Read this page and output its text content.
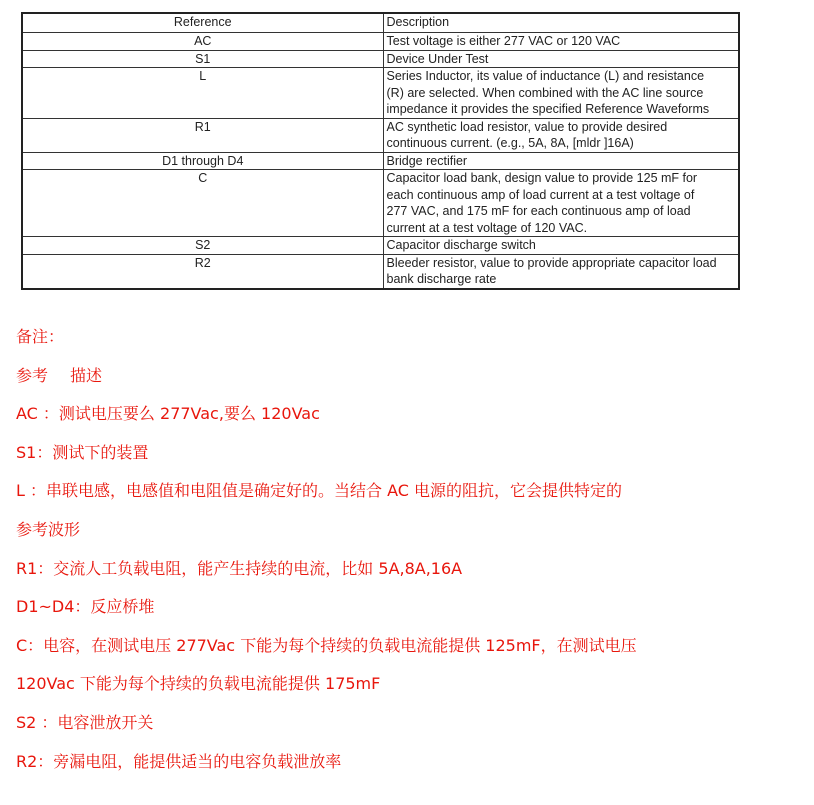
Reference	Description
AC	Test voltage is either 277 VAC or 120 VAC

S1	Device Under Test

L	Series Inductor, its value of inductance (L) and resistance
(R) are selected. When combined with the AC line source
impedance it provides the specified Reference Waveforms

R1	AC synthetic load resistor, value to provide desired
continuous current. (e.g., 5A, 8A, [mldr ]16A)

D1 through D4	Bridge rectifier

C	Capacitor load bank, design value to provide 125 mF for
each continuous amp of load current at a test voltage of
277 VAC, and 175 mF for each continuous amp of load
current at a test voltage of 120 VAC.

S2	Capacitor discharge switch

R2	Bleeder resistor, value to provide appropriate capacitor load
bank discharge rate
备注：
参考 描述
AC ：测试电压要么 277Vac,要么 120Vac
S1：测试下的装置
L ：串联电感，电感值和电阻值是确定好的。当结合 AC 电源的阻抗，它会提供特定的
参考波形
R1：交流人工负载电阻，能产生持续的电流，比如 5A,8A,16A
D1~D4：反应桥堆
C：电容，在测试电压 277Vac 下能为每个持续的负载电流能提供 125mF，在测试电压
120Vac 下能为每个持续的负载电流能提供 175mF
S2 ：电容泄放开关
R2：旁漏电阻，能提供适当的电容负载泄放率
